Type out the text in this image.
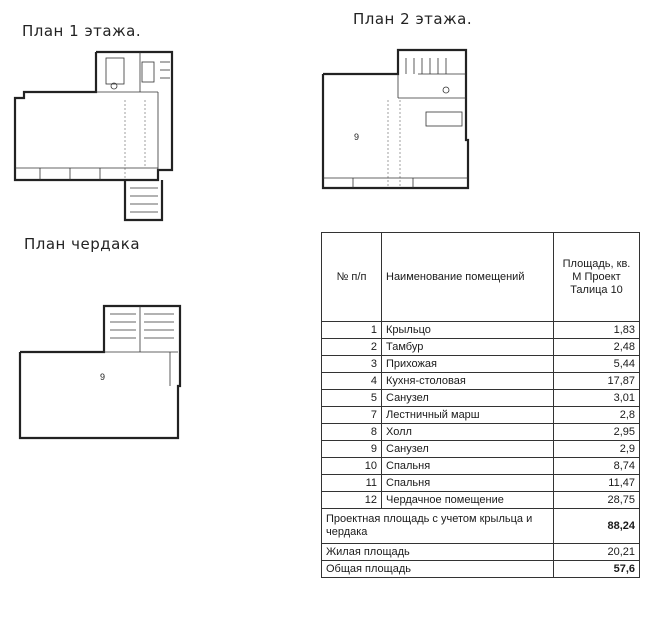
План 1 этажа.
План 2 этажа.
План чердака
9
9
№ п/п	Наименование помещений	Площадь, кв. М Проект Талица 10
1	Крыльцо	1,83
2	Тамбур	2,48
3	Прихожая	5,44
4	Кухня-столовая	17,87
5	Санузел	3,01
7	Лестничный марш	2,8
8	Холл	2,95
9	Санузел	2,9
10	Спальня	8,74
11	Спальня	11,47
12	Чердачное помещение	28,75
Проектная площадь с учетом крыльца и чердака		88,24
Жилая площадь		20,21
Общая площадь		57,6
